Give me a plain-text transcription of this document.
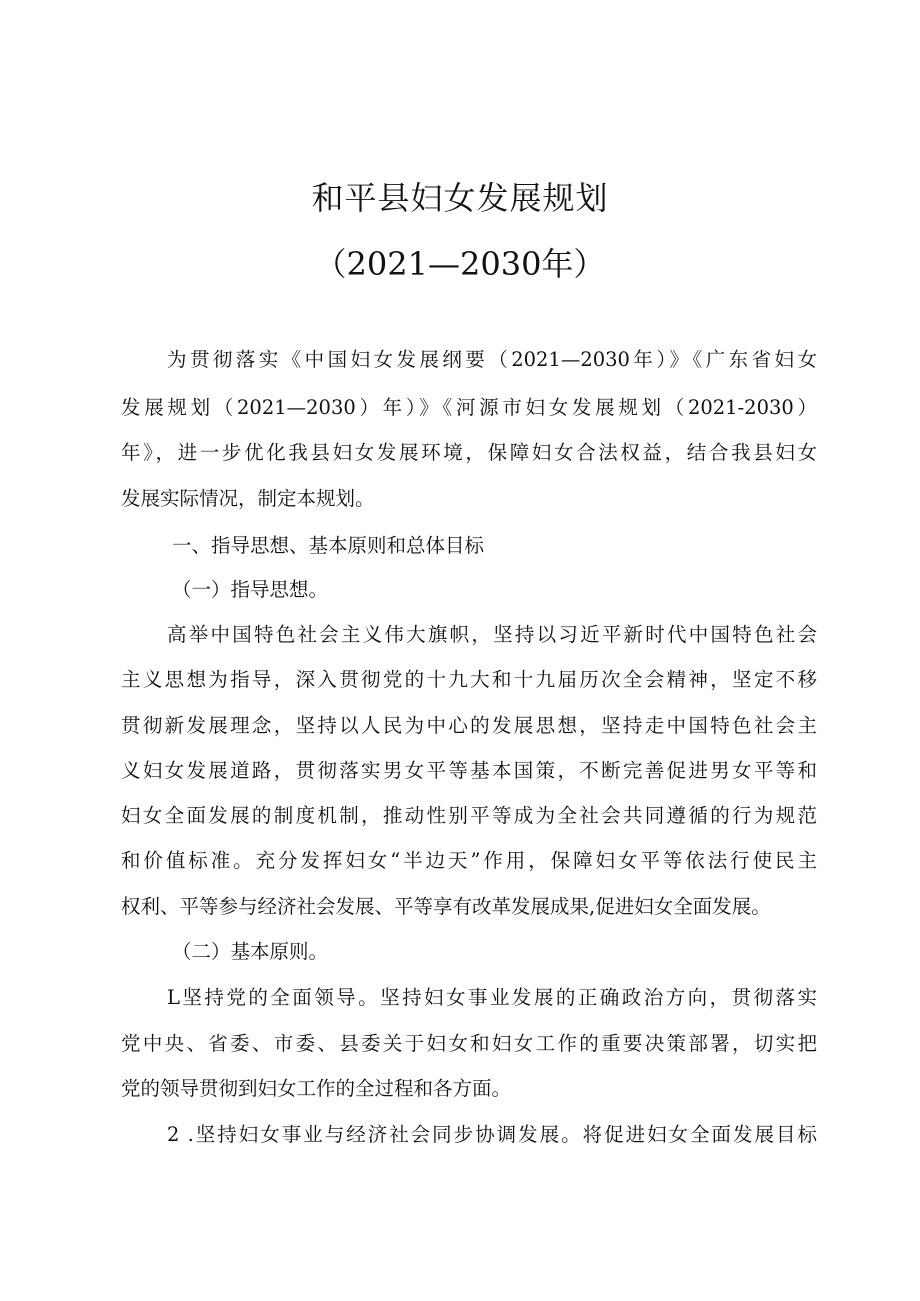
和平县妇女发展规划
（2021—2030年）

为贯彻落实《中国妇女发展纲要（2021—2030年）》《广东省妇女

发展规划（2021—2030）年）》《河源市妇女发展规划（2021-2030）

年》，进一步优化我县妇女发展环境，保障妇女合法权益，结合我县妇女

发展实际情况，制定本规划。

一、指导思想、基本原则和总体目标

（一）指导思想。

高举中国特色社会主义伟大旗帜，坚持以习近平新时代中国特色社会

主义思想为指导，深入贯彻党的十九大和十九届历次全会精神，坚定不移

贯彻新发展理念，坚持以人民为中心的发展思想，坚持走中国特色社会主

义妇女发展道路，贯彻落实男女平等基本国策，不断完善促进男女平等和

妇女全面发展的制度机制，推动性别平等成为全社会共同遵循的行为规范

和价值标准。充分发挥妇女“半边天”作用，保障妇女平等依法行使民主

权利、平等参与经济社会发展、平等享有改革发展成果,促进妇女全面发展。

（二）基本原则。

L坚持党的全面领导。坚持妇女事业发展的正确政治方向，贯彻落实

党中央、省委、市委、县委关于妇女和妇女工作的重要决策部署，切实把

党的领导贯彻到妇女工作的全过程和各方面。

2 .坚持妇女事业与经济社会同步协调发展。将促进妇女全面发展目标
